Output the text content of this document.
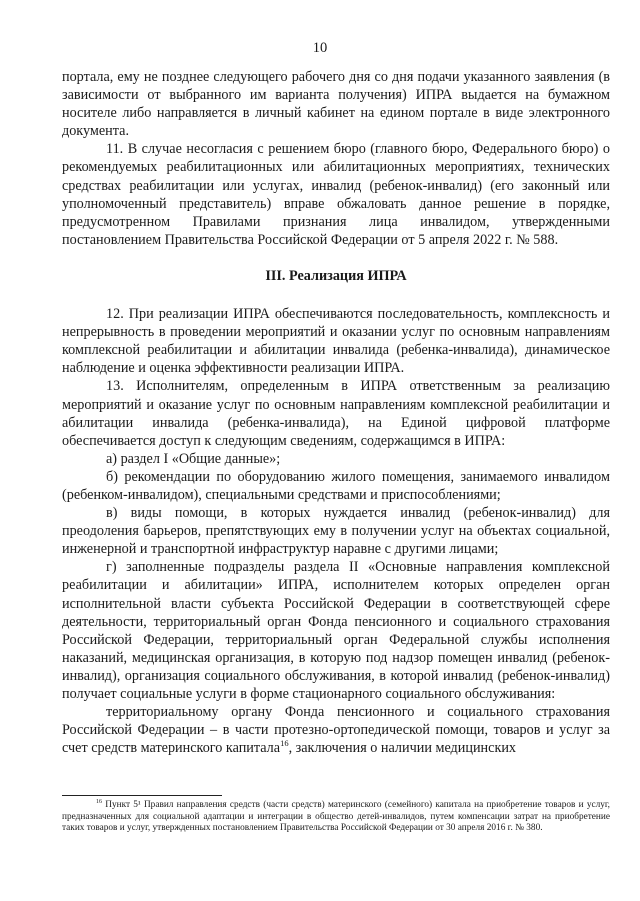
10

портала, ему не позднее следующего рабочего дня со дня подачи указанного заявления (в зависимости от выбранного им варианта получения) ИПРА выдается на бумажном носителе либо направляется в личный кабинет на едином портале в виде электронного документа.

11. В случае несогласия с решением бюро (главного бюро, Федерального бюро) о рекомендуемых реабилитационных или абилитационных мероприятиях, технических средствах реабилитации или услугах, инвалид (ребенок-инвалид) (его законный или уполномоченный представитель) вправе обжаловать данное решение в порядке, предусмотренном Правилами признания лица инвалидом, утвержденными постановлением Правительства Российской Федерации от 5 апреля 2022 г. № 588.

III. Реализация ИПРА

12. При реализации ИПРА обеспечиваются последовательность, комплексность и непрерывность в проведении мероприятий и оказании услуг по основным направлениям комплексной реабилитации и абилитации инвалида (ребенка-инвалида), динамическое наблюдение и оценка эффективности реализации ИПРА.

13. Исполнителям, определенным в ИПРА ответственным за реализацию мероприятий и оказание услуг по основным направлениям комплексной реабилитации и абилитации инвалида (ребенка-инвалида), на Единой цифровой платформе обеспечивается доступ к следующим сведениям, содержащимся в ИПРА:

а) раздел I «Общие данные»;

б) рекомендации по оборудованию жилого помещения, занимаемого инвалидом (ребенком-инвалидом), специальными средствами и приспособлениями;

в) виды помощи, в которых нуждается инвалид (ребенок-инвалид) для преодоления барьеров, препятствующих ему в получении услуг на объектах социальной, инженерной и транспортной инфраструктур наравне с другими лицами;

г) заполненные подразделы раздела II «Основные направления комплексной реабилитации и абилитации» ИПРА, исполнителем которых определен орган исполнительной власти субъекта Российской Федерации в соответствующей сфере деятельности, территориальный орган Фонда пенсионного и социального страхования Российской Федерации, территориальный орган Федеральной службы исполнения наказаний, медицинская организация, в которую под надзор помещен инвалид (ребенок-инвалид), организация социального обслуживания, в которой инвалид (ребенок-инвалид) получает социальные услуги в форме стационарного социального обслуживания:

территориальному органу Фонда пенсионного и социального страхования Российской Федерации – в части протезно-ортопедической помощи, товаров и услуг за счет средств материнского капитала$^{16}$, заключения о наличии медицинских

$^{16}$ Пункт 5¹ Правил направления средств (части средств) материнского (семейного) капитала на приобретение товаров и услуг, предназначенных для социальной адаптации и интеграции в общество детей-инвалидов, путем компенсации затрат на приобретение таких товаров и услуг, утвержденных постановлением Правительства Российской Федерации от 30 апреля 2016 г. № 380.
